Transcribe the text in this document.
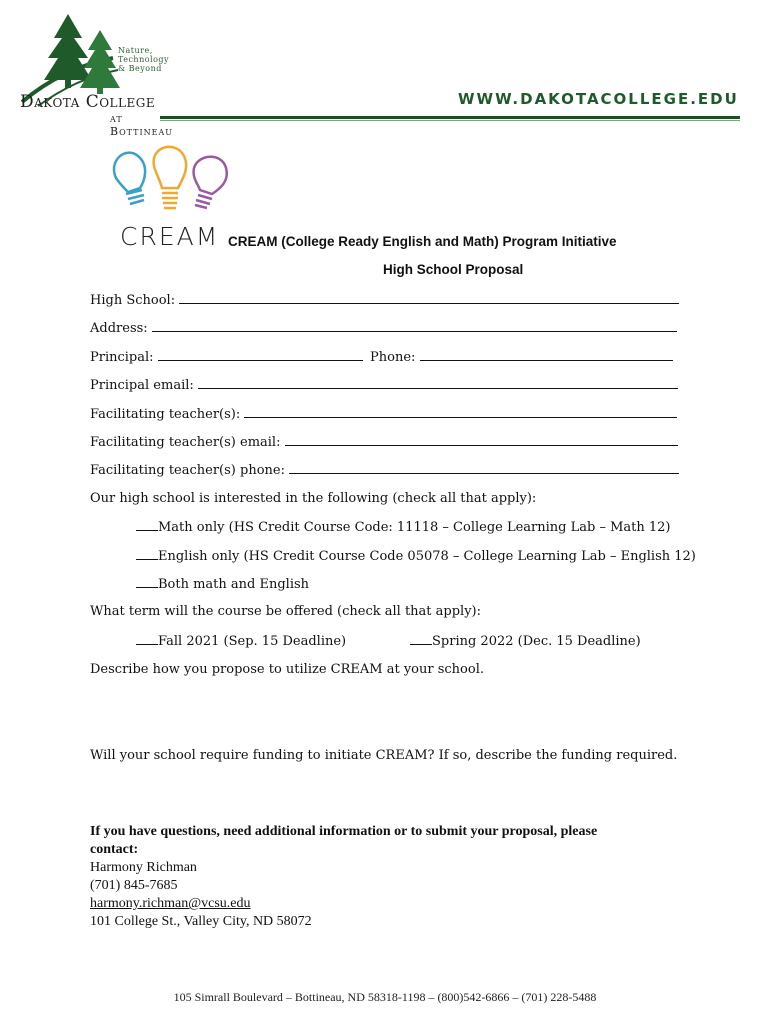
Nature,
Technology
& Beyond
Dakota College
at Bottineau
WWW.DAKOTACOLLEGE.EDU
CREAM CREAM (College Ready English and Math) Program Initiative
High School Proposal
High School:
Address:
Principal:	Phone:
Principal email:
Facilitating teacher(s):
Facilitating teacher(s) email:
Facilitating teacher(s) phone:
Our high school is interested in the following (check all that apply):
Math only (HS Credit Course Code: 11118 – College Learning Lab – Math 12)
English only (HS Credit Course Code 05078 – College Learning Lab – English 12)
Both math and English
What term will the course be offered (check all that apply):
Fall 2021 (Sep. 15 Deadline)	Spring 2022 (Dec. 15 Deadline)
Describe how you propose to utilize CREAM at your school.
Will your school require funding to initiate CREAM? If so, describe the funding required.
If you have questions, need additional information or to submit your proposal, please
contact:
Harmony Richman
(701) 845-7685
harmony.richman@vcsu.edu
101 College St., Valley City, ND 58072
105 Simrall Boulevard – Bottineau, ND 58318-1198 – (800)542-6866 – (701) 228-5488
